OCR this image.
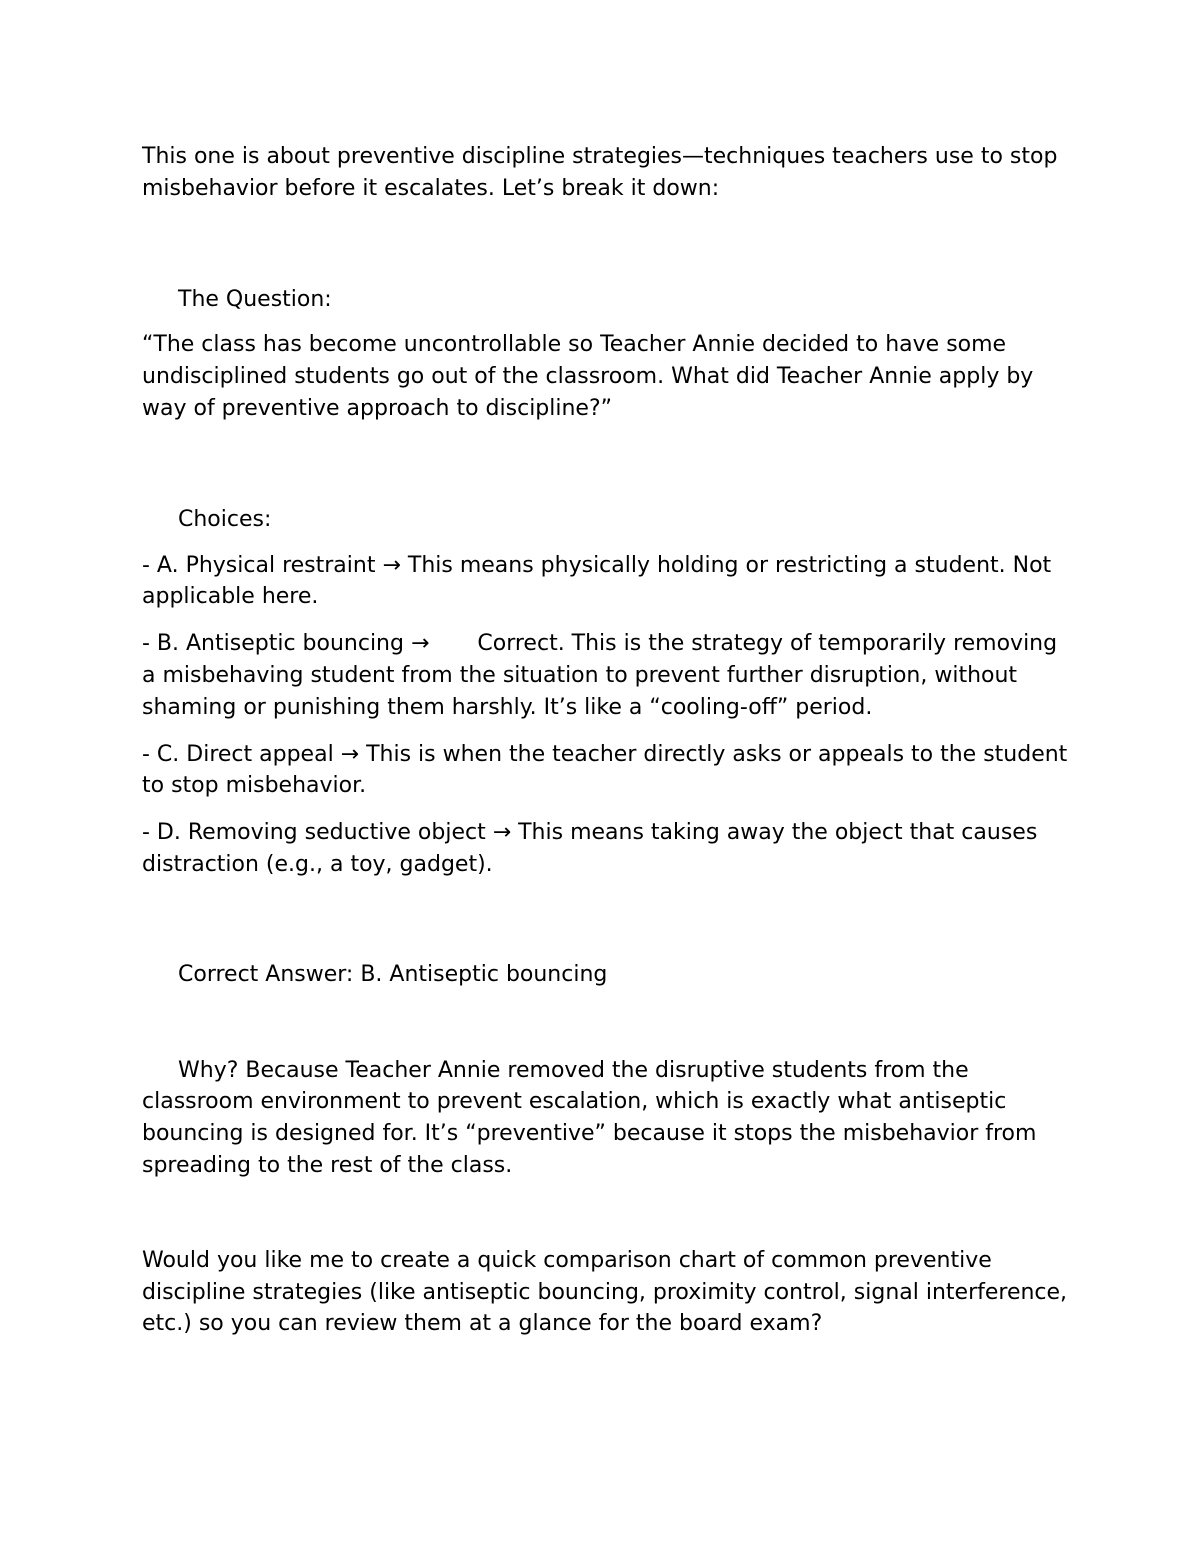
This one is about preventive discipline strategies—techniques teachers use to stop misbehavior before it escalates. Let’s break it down:

The Question:

“The class has become uncontrollable so Teacher Annie decided to have some undisciplined students go out of the classroom. What did Teacher Annie apply by way of preventive approach to discipline?”

Choices:

- A. Physical restraint → This means physically holding or restricting a student. Not applicable here.

- B. Antiseptic bouncing → Correct. This is the strategy of temporarily removing a misbehaving student from the situation to prevent further disruption, without shaming or punishing them harshly. It’s like a “cooling-off” period.

- C. Direct appeal → This is when the teacher directly asks or appeals to the student to stop misbehavior.

- D. Removing seductive object → This means taking away the object that causes distraction (e.g., a toy, gadget).

Correct Answer: B. Antiseptic bouncing

Why? Because Teacher Annie removed the disruptive students from the classroom environment to prevent escalation, which is exactly what antiseptic bouncing is designed for. It’s “preventive” because it stops the misbehavior from spreading to the rest of the class.

Would you like me to create a quick comparison chart of common preventive discipline strategies (like antiseptic bouncing, proximity control, signal interference, etc.) so you can review them at a glance for the board exam?
